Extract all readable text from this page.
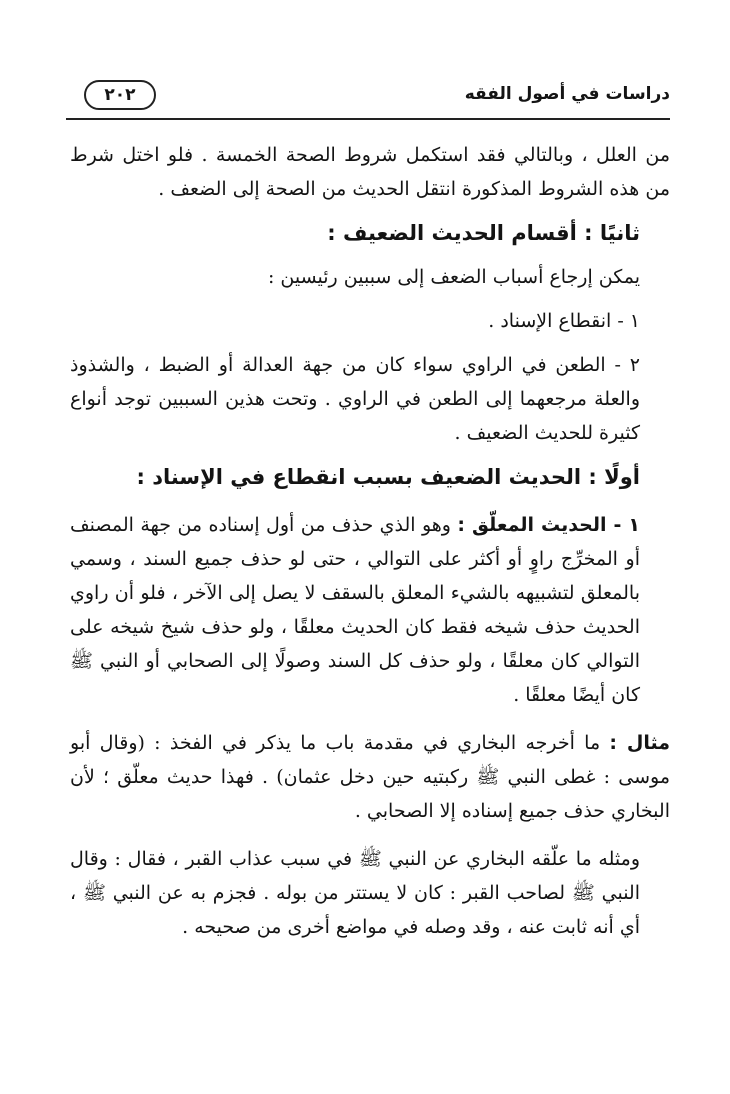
٢٠٢	دراسات في أصول الفقه

من العلل ، وبالتالي فقد استكمل شروط الصحة الخمسة . فلو اختل شرط من هذه الشروط المذكورة انتقل الحديث من الصحة إلى الضعف .

ثانيًا : أقسام الحديث الضعيف :

يمكن إرجاع أسباب الضعف إلى سببين رئيسين :

١ - انقطاع الإسناد .

٢ - الطعن في الراوي سواء كان من جهة العدالة أو الضبط ، والشذوذ والعلة مرجعهما إلى الطعن في الراوي . وتحت هذين السببين توجد أنواع كثيرة للحديث الضعيف .

أولًا : الحديث الضعيف بسبب انقطاع في الإسناد :

١ - الحديث المعلّق : وهو الذي حذف من أول إسناده من جهة المصنف أو المخرِّج راوٍ أو أكثر على التوالي ، حتى لو حذف جميع السند ، وسمي بالمعلق لتشبيهه بالشيء المعلق بالسقف لا يصل إلى الآخر ، فلو أن راوي الحديث حذف شيخه فقط كان الحديث معلقًا ، ولو حذف شيخ شيخه على التوالي كان معلقًا ، ولو حذف كل السند وصولًا إلى الصحابي أو النبي ﷺ كان أيضًا معلقًا .

مثال : ما أخرجه البخاري في مقدمة باب ما يذكر في الفخذ : (وقال أبو موسى : غطى النبي ﷺ ركبتيه حين دخل عثمان) . فهذا حديث معلّق ؛ لأن البخاري حذف جميع إسناده إلا الصحابي .

ومثله ما علّقه البخاري عن النبي ﷺ في سبب عذاب القبر ، فقال : وقال النبي ﷺ لصاحب القبر : كان لا يستتر من بوله . فجزم به عن النبي ﷺ ، أي أنه ثابت عنه ، وقد وصله في مواضع أخرى من صحيحه .
